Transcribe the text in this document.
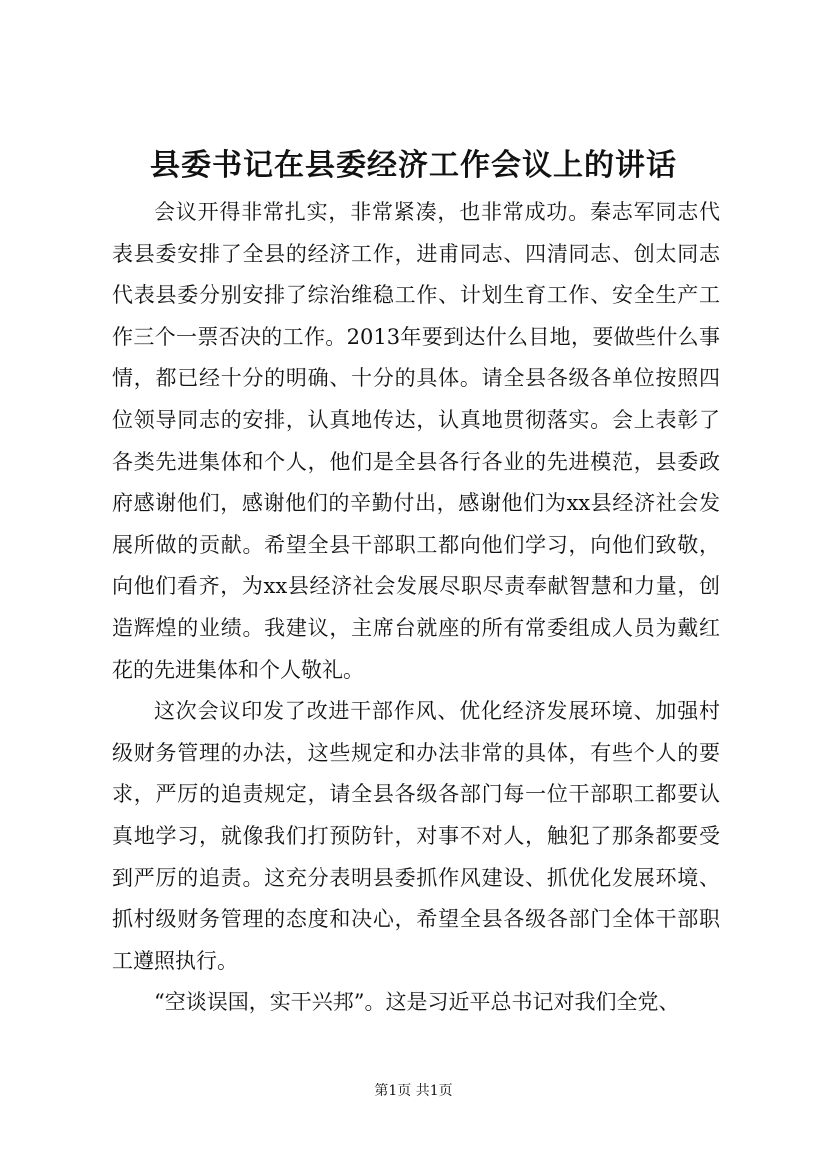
县委书记在县委经济工作会议上的讲话

会议开得非常扎实，非常紧凑，也非常成功。秦志军同志代表县委安排了全县的经济工作，进甫同志、四清同志、创太同志代表县委分别安排了综治维稳工作、计划生育工作、安全生产工作三个一票否决的工作。2013年要到达什么目地，要做些什么事情，都已经十分的明确、十分的具体。请全县各级各单位按照四位领导同志的安排，认真地传达，认真地贯彻落实。会上表彰了各类先进集体和个人，他们是全县各行各业的先进模范，县委政府感谢他们，感谢他们的辛勤付出，感谢他们为xx县经济社会发展所做的贡献。希望全县干部职工都向他们学习，向他们致敬，向他们看齐，为xx县经济社会发展尽职尽责奉献智慧和力量，创造辉煌的业绩。我建议，主席台就座的所有常委组成人员为戴红花的先进集体和个人敬礼。

这次会议印发了改进干部作风、优化经济发展环境、加强村级财务管理的办法，这些规定和办法非常的具体，有些个人的要求，严厉的追责规定，请全县各级各部门每一位干部职工都要认真地学习，就像我们打预防针，对事不对人，触犯了那条都要受到严厉的追责。这充分表明县委抓作风建设、抓优化发展环境、抓村级财务管理的态度和决心，希望全县各级各部门全体干部职工遵照执行。

“空谈误国，实干兴邦”。这是习近平总书记对我们全党、

第1页 共1页
